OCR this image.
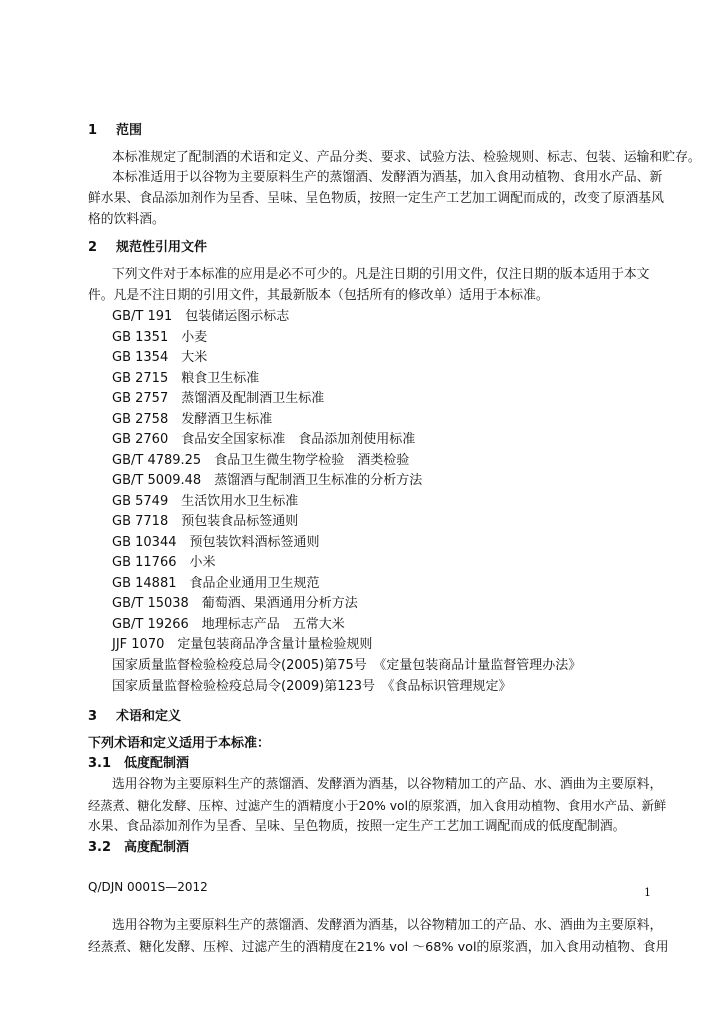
1 范围
本标准规定了配制酒的术语和定义、产品分类、要求、试验方法、检验规则、标志、包装、运输和贮存。
本标准适用于以谷物为主要原料生产的蒸馏酒、发酵酒为酒基，加入食用动植物、食用水产品、新
鲜水果、食品添加剂作为呈香、呈味、呈色物质，按照一定生产工艺加工调配而成的，改变了原酒基风
格的饮料酒。
2 规范性引用文件
下列文件对于本标准的应用是必不可少的。凡是注日期的引用文件，仅注日期的版本适用于本文
件。凡是不注日期的引用文件，其最新版本（包括所有的修改单）适用于本标准。
GB/T 191　包装储运图示标志
GB 1351　小麦
GB 1354　大米
GB 2715　粮食卫生标准
GB 2757　蒸馏酒及配制酒卫生标准
GB 2758　发酵酒卫生标准
GB 2760　食品安全国家标准　食品添加剂使用标准
GB/T 4789.25　食品卫生微生物学检验　酒类检验
GB/T 5009.48　蒸馏酒与配制酒卫生标准的分析方法
GB 5749　生活饮用水卫生标准
GB 7718　预包装食品标签通则
GB 10344　预包装饮料酒标签通则
GB 11766　小米
GB 14881　食品企业通用卫生规范
GB/T 15038　葡萄酒、果酒通用分析方法
GB/T 19266　地理标志产品　五常大米
JJF 1070　定量包装商品净含量计量检验规则
国家质量监督检验检疫总局令(2005)第75号　《定量包装商品计量监督管理办法》
国家质量监督检验检疫总局令(2009)第123号　《食品标识管理规定》
3 术语和定义
下列术语和定义适用于本标准：
3.1 低度配制酒
选用谷物为主要原料生产的蒸馏酒、发酵酒为酒基，以谷物精加工的产品、水、酒曲为主要原料，
经蒸煮、糖化发酵、压榨、过滤产生的酒精度小于20% vol的原浆酒，加入食用动植物、食用水产品、新鲜
水果、食品添加剂作为呈香、呈味、呈色物质，按照一定生产工艺加工调配而成的低度配制酒。
3.2 高度配制酒
Q/DJN 0001S—2012	1
选用谷物为主要原料生产的蒸馏酒、发酵酒为酒基，以谷物精加工的产品、水、酒曲为主要原料，
经蒸煮、糖化发酵、压榨、过滤产生的酒精度在21% vol ～68% vol的原浆酒，加入食用动植物、食用
